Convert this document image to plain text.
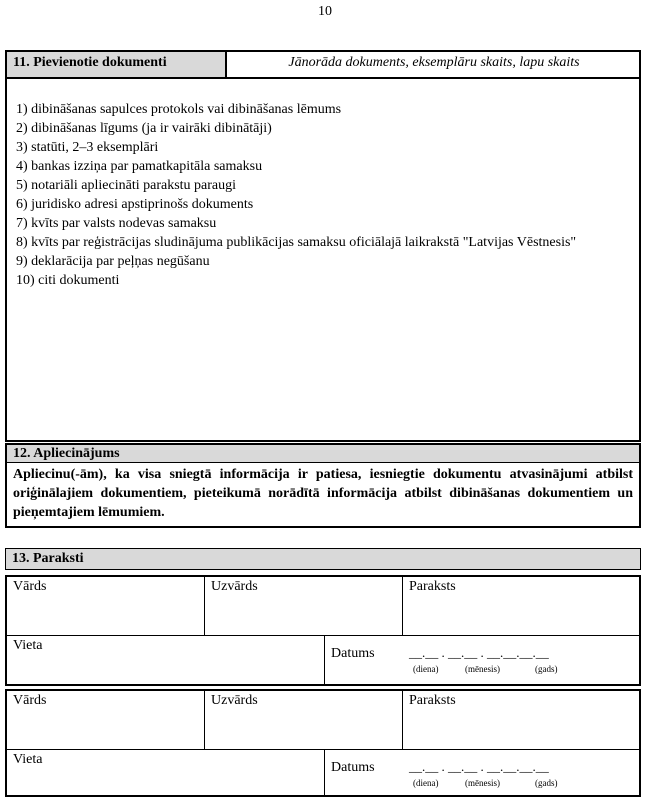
10
11. Pievienotie dokumenti	Jānorāda dokuments, eksemplāru skaits, lapu skaits
1) dibināšanas sapulces protokols vai dibināšanas lēmums
2) dibināšanas līgums (ja ir vairāki dibinātāji)
3) statūti, 2–3 eksemplāri
4) bankas izziņa par pamatkapitāla samaksu
5) notariāli apliecināti parakstu paraugi
6) juridisko adresi apstiprinošs dokuments
7) kvīts par valsts nodevas samaksu
8) kvīts par reģistrācijas sludinājuma publikācijas samaksu oficiālajā laikrakstā "Latvijas Vēstnesis"
9) deklarācija par peļņas negūšanu
10) citi dokumenti
12. Apliecinājums
Apliecinu(-ām), ka visa sniegtā informācija ir patiesa, iesniegtie dokumentu atvasinājumi atbilst oriģinālajiem dokumentiem, pieteikumā norādītā informācija atbilst dibināšanas dokumentiem un pieņemtajiem lēmumiem.
13. Paraksti
Vārds	Uzvārds	Paraksts
Vieta
Datums	__.__ . __.__ . __.__.__.__
(diena)	(mēnesis)	(gads)
Vārds	Uzvārds	Paraksts
Vieta
Datums	__.__ . __.__ . __.__.__.__
(diena)	(mēnesis)	(gads)
